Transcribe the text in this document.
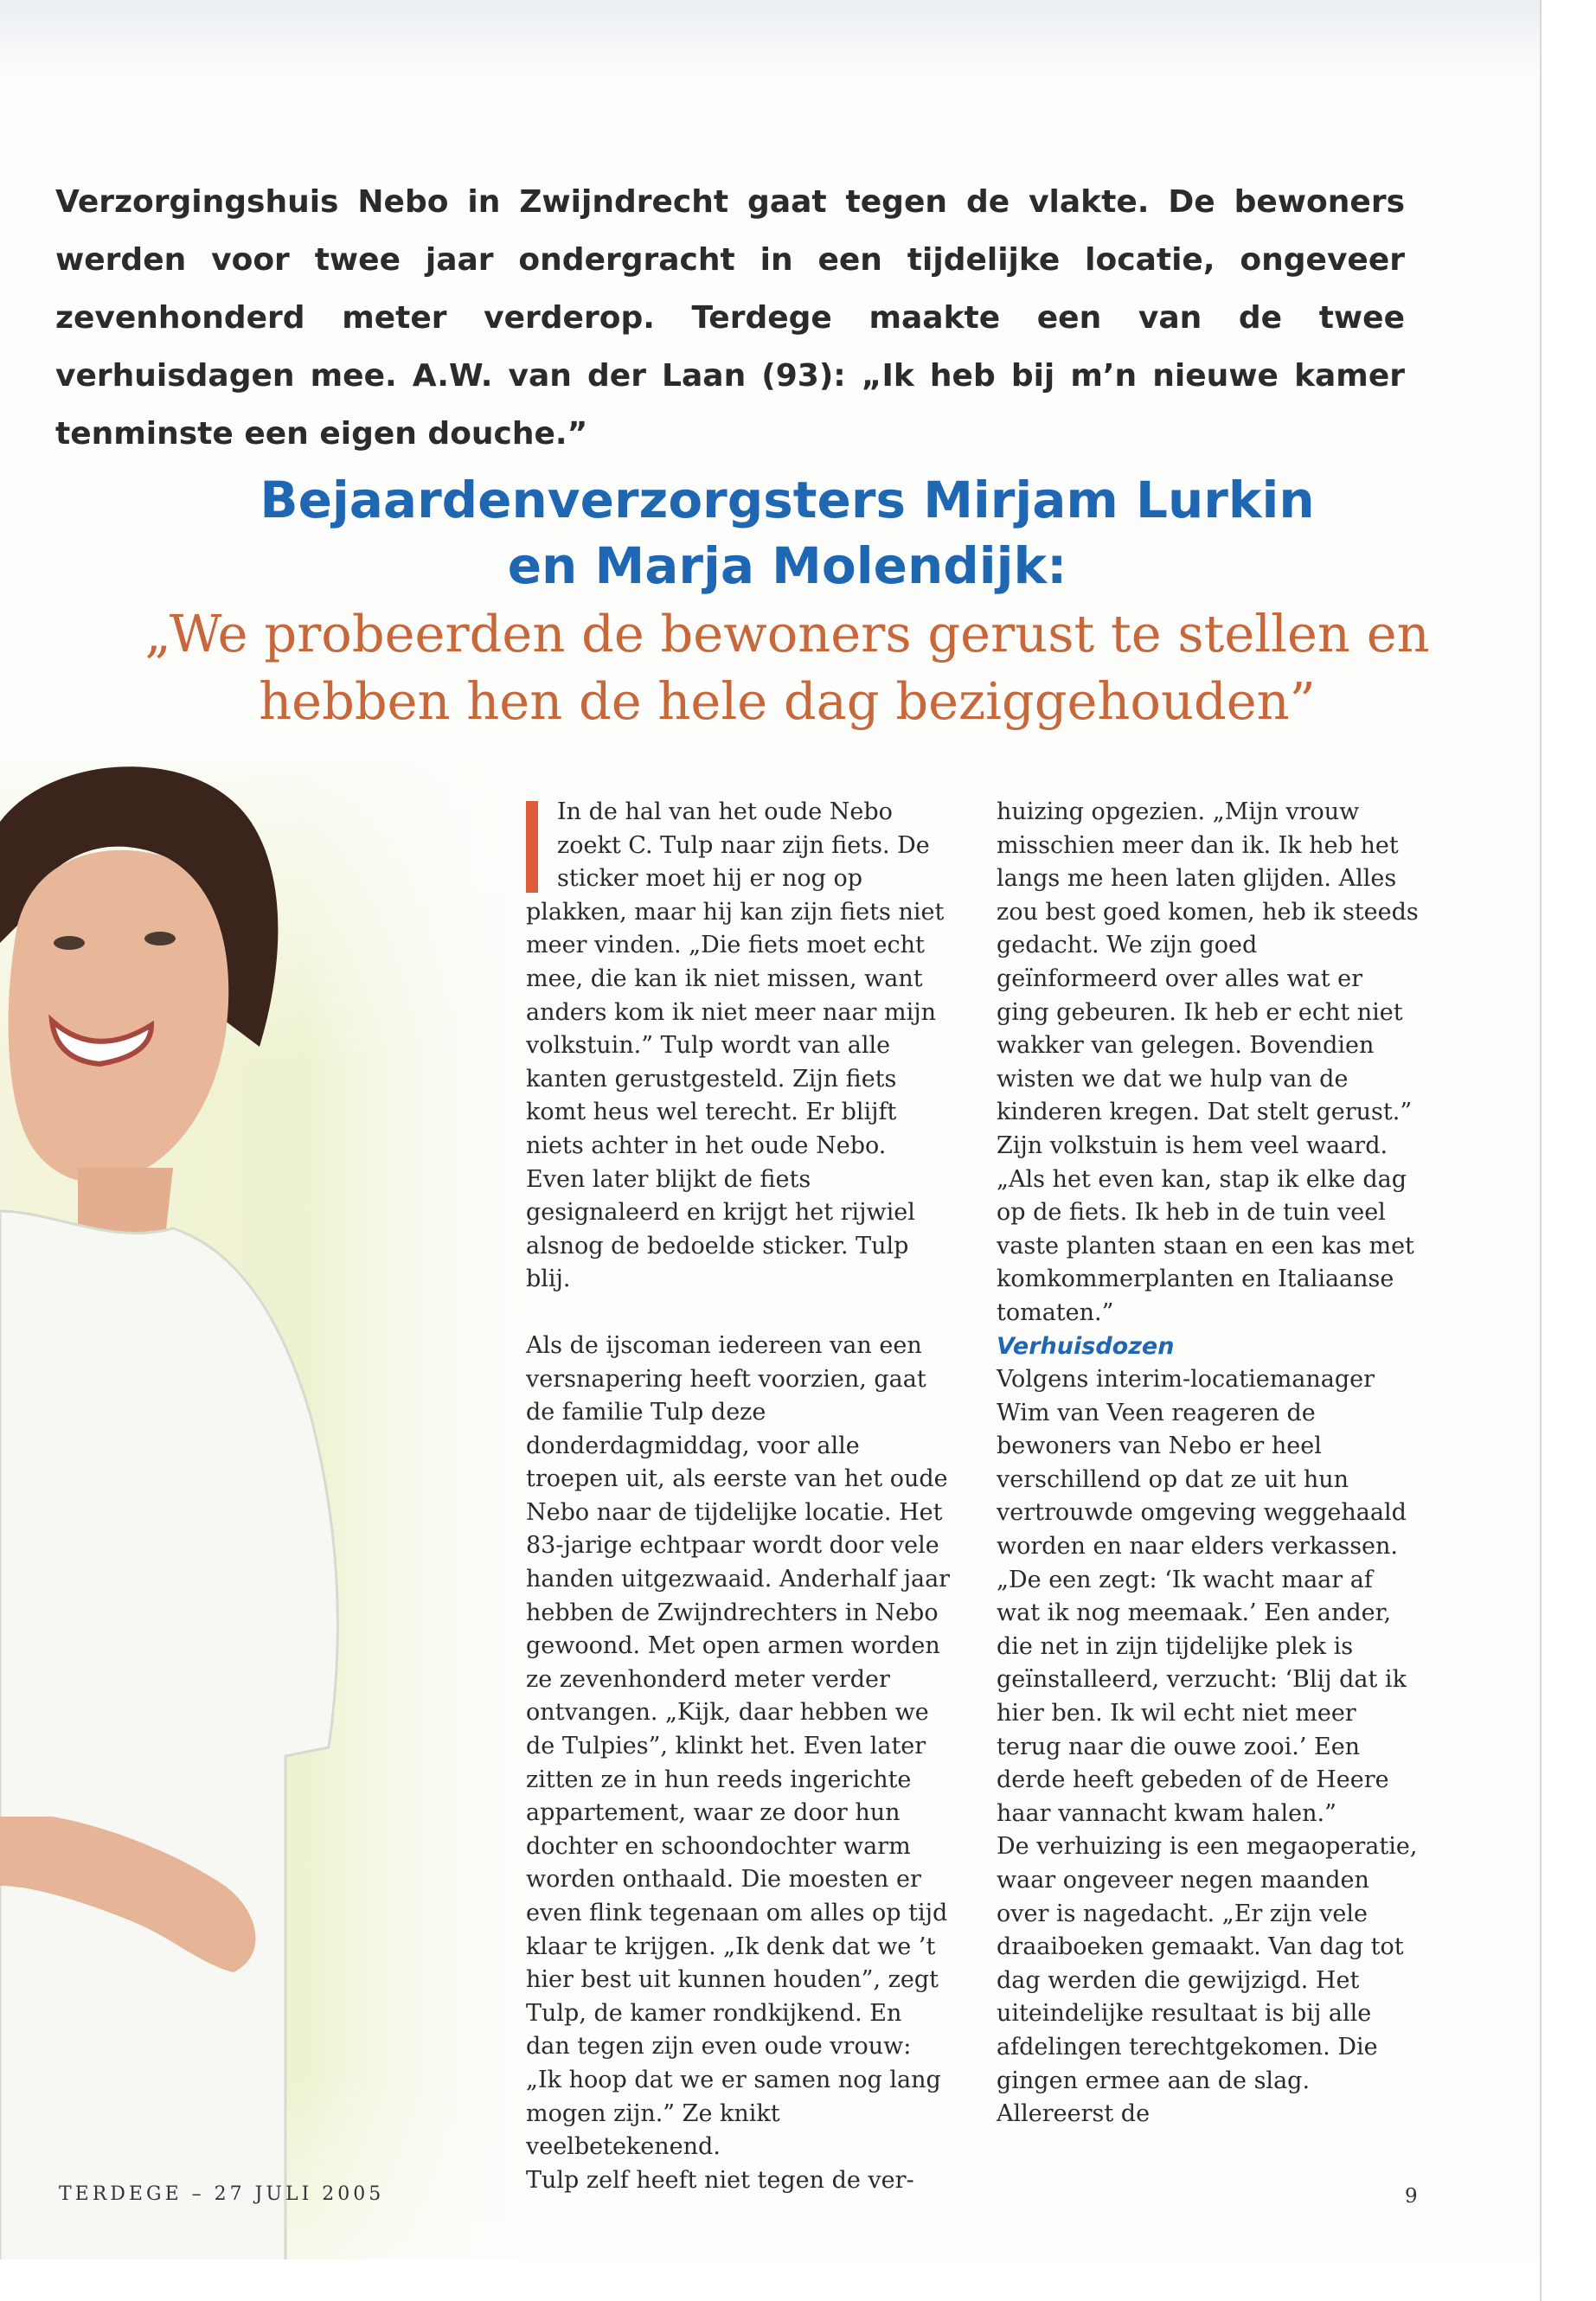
Verzorgingshuis Nebo in Zwijndrecht gaat tegen de vlakte. De bewoners werden voor twee jaar ondergracht in een tijdelijke locatie, ongeveer zevenhonderd meter verderop. Terdege maakte een van de twee verhuisdagen mee. A.W. van der Laan (93): „Ik heb bij m’n nieuwe kamer tenminste een eigen douche.”

Bejaardenverzorgsters Mirjam Lurkin
en Marja Molendijk:
„We probeerden de bewoners gerust te stellen en
hebben hen de hele dag beziggehouden”

In de hal van het oude Nebo zoekt C. Tulp naar zijn fiets. De sticker moet hij er nog op plakken, maar hij kan zijn fiets niet meer vinden. „Die fiets moet echt mee, die kan ik niet missen, want anders kom ik niet meer naar mijn volkstuin.” Tulp wordt van alle kanten gerustgesteld. Zijn fiets komt heus wel terecht. Er blijft niets achter in het oude Nebo. Even later blijkt de fiets gesignaleerd en krijgt het rijwiel alsnog de bedoelde sticker. Tulp blij.

Als de ijscoman iedereen van een versnapering heeft voorzien, gaat de familie Tulp deze donderdagmiddag, voor alle troepen uit, als eerste van het oude Nebo naar de tijdelijke locatie. Het 83-jarige echtpaar wordt door vele handen uitgezwaaid. Anderhalf jaar hebben de Zwijndrechters in Nebo gewoond. Met open armen worden ze zevenhonderd meter verder ontvangen. „Kijk, daar hebben we de Tulpies”, klinkt het. Even later zitten ze in hun reeds ingerichte appartement, waar ze door hun dochter en schoondochter warm worden onthaald. Die moesten er even flink tegenaan om alles op tijd klaar te krijgen. „Ik denk dat we ’t hier best uit kunnen houden”, zegt Tulp, de kamer rondkijkend. En dan tegen zijn even oude vrouw: „Ik hoop dat we er samen nog lang mogen zijn.” Ze knikt veelbetekenend.

Tulp zelf heeft niet tegen de ver-

huizing opgezien. „Mijn vrouw misschien meer dan ik. Ik heb het langs me heen laten glijden. Alles zou best goed komen, heb ik steeds gedacht. We zijn goed geïnformeerd over alles wat er ging gebeuren. Ik heb er echt niet wakker van gelegen. Bovendien wisten we dat we hulp van de kinderen kregen. Dat stelt gerust.”

Zijn volkstuin is hem veel waard. „Als het even kan, stap ik elke dag op de fiets. Ik heb in de tuin veel vaste planten staan en een kas met komkommerplanten en Italiaanse tomaten.”

Verhuisdozen

Volgens interim-locatiemanager Wim van Veen reageren de bewoners van Nebo er heel verschillend op dat ze uit hun vertrouwde omgeving weggehaald worden en naar elders verkassen. „De een zegt: ‘Ik wacht maar af wat ik nog meemaak.’ Een ander, die net in zijn tijdelijke plek is geïnstalleerd, verzucht: ‘Blij dat ik hier ben. Ik wil echt niet meer terug naar die ouwe zooi.’ Een derde heeft gebeden of de Heere haar vannacht kwam halen.”

De verhuizing is een megaoperatie, waar ongeveer negen maanden over is nagedacht. „Er zijn vele draaiboeken gemaakt. Van dag tot dag werden die gewijzigd. Het uiteindelijke resultaat is bij alle afdelingen terechtgekomen. Die gingen ermee aan de slag. Allereerst de

TERDEGE – 27 JULI 2005	9
